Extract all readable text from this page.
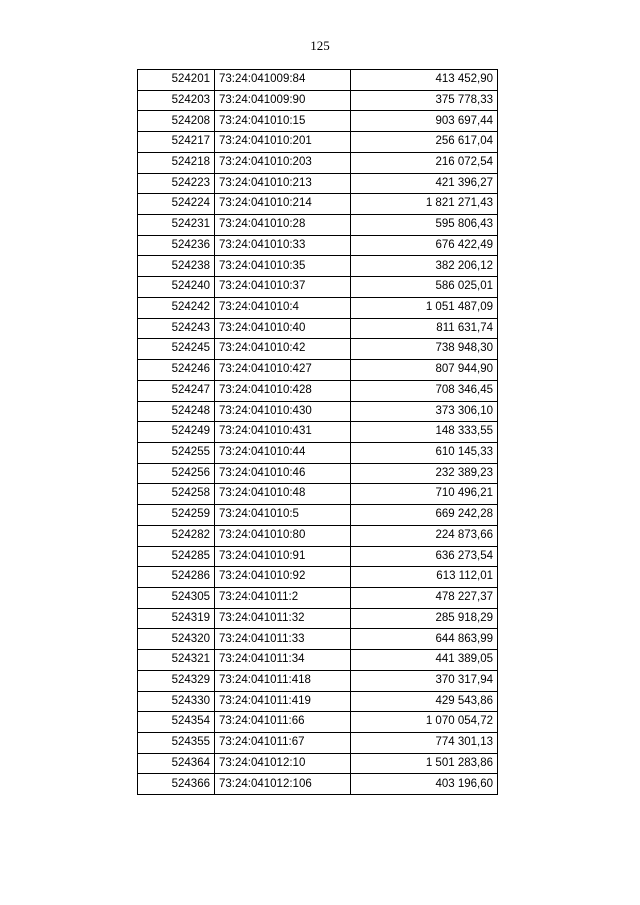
125
524201	73:24:041009:84	413 452,90
524203	73:24:041009:90	375 778,33
524208	73:24:041010:15	903 697,44
524217	73:24:041010:201	256 617,04
524218	73:24:041010:203	216 072,54
524223	73:24:041010:213	421 396,27
524224	73:24:041010:214	1 821 271,43
524231	73:24:041010:28	595 806,43
524236	73:24:041010:33	676 422,49
524238	73:24:041010:35	382 206,12
524240	73:24:041010:37	586 025,01
524242	73:24:041010:4	1 051 487,09
524243	73:24:041010:40	811 631,74
524245	73:24:041010:42	738 948,30
524246	73:24:041010:427	807 944,90
524247	73:24:041010:428	708 346,45
524248	73:24:041010:430	373 306,10
524249	73:24:041010:431	148 333,55
524255	73:24:041010:44	610 145,33
524256	73:24:041010:46	232 389,23
524258	73:24:041010:48	710 496,21
524259	73:24:041010:5	669 242,28
524282	73:24:041010:80	224 873,66
524285	73:24:041010:91	636 273,54
524286	73:24:041010:92	613 112,01
524305	73:24:041011:2	478 227,37
524319	73:24:041011:32	285 918,29
524320	73:24:041011:33	644 863,99
524321	73:24:041011:34	441 389,05
524329	73:24:041011:418	370 317,94
524330	73:24:041011:419	429 543,86
524354	73:24:041011:66	1 070 054,72
524355	73:24:041011:67	774 301,13
524364	73:24:041012:10	1 501 283,86
524366	73:24:041012:106	403 196,60
